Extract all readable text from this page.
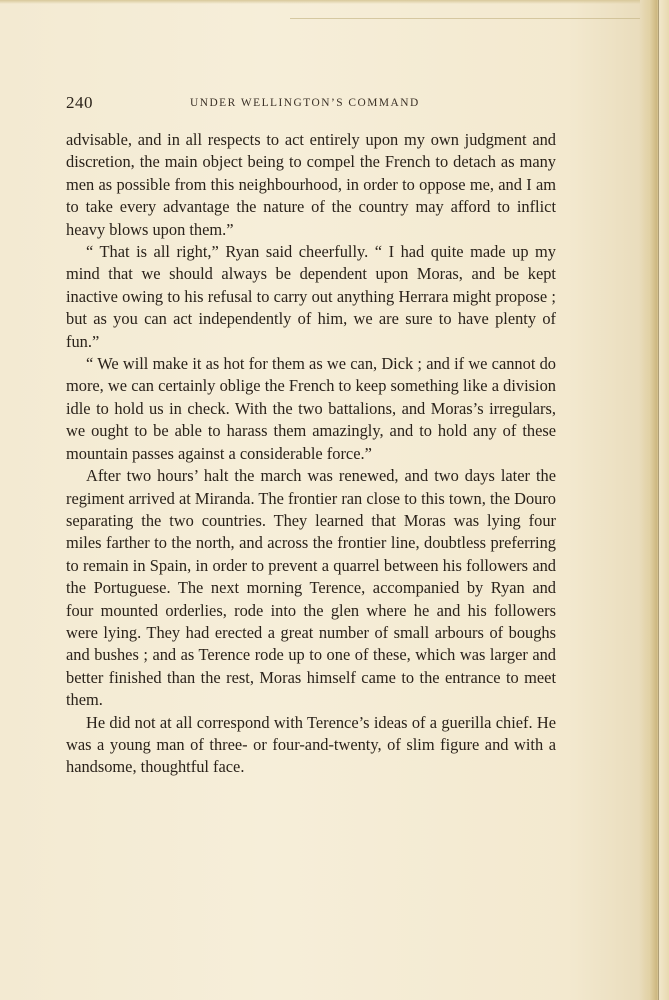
240	UNDER WELLINGTON’S COMMAND

advisable, and in all respects to act entirely upon my own judgment and discretion, the main object being to compel the French to detach as many men as possible from this neighbourhood, in order to oppose me, and I am to take every advantage the nature of the country may afford to inflict heavy blows upon them.”

“ That is all right,” Ryan said cheerfully. “ I had quite made up my mind that we should always be dependent upon Moras, and be kept inactive owing to his refusal to carry out anything Herrara might propose ; but as you can act independently of him, we are sure to have plenty of fun.”

“ We will make it as hot for them as we can, Dick ; and if we cannot do more, we can certainly oblige the French to keep something like a division idle to hold us in check. With the two battalions, and Moras’s irregulars, we ought to be able to harass them amazingly, and to hold any of these mountain passes against a considerable force.”

After two hours’ halt the march was renewed, and two days later the regiment arrived at Miranda. The frontier ran close to this town, the Douro separating the two countries. They learned that Moras was lying four miles farther to the north, and across the frontier line, doubtless preferring to remain in Spain, in order to prevent a quarrel between his followers and the Portuguese. The next morning Terence, accompanied by Ryan and four mounted orderlies, rode into the glen where he and his followers were lying. They had erected a great number of small arbours of boughs and bushes ; and as Terence rode up to one of these, which was larger and better finished than the rest, Moras himself came to the entrance to meet them.

He did not at all correspond with Terence’s ideas of a guerilla chief. He was a young man of three- or four-and-twenty, of slim figure and with a handsome, thoughtful face.
